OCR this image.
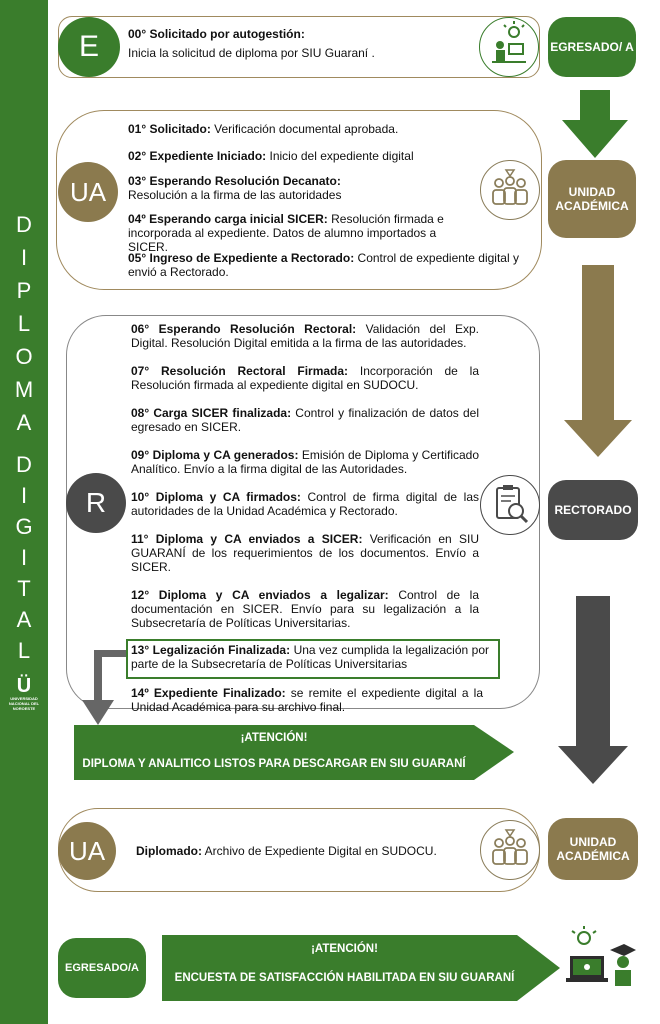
D
I
P
L
O
M
A
D
I
G
I
T
A
L
Ü
UNIVERSIDAD NACIONAL DEL NOROESTE
E 00° Solicitado por autogestión:
Inicia la solicitud de diploma por SIU Guaraní .	EGRESADO/ A
UA
01° Solicitado: Verificación documental aprobada.
02° Expediente Iniciado: Inicio del expediente digital
03° Esperando Resolución Decanato:
Resolución a la firma de las autoridades
04º Esperando carga inicial SICER: Resolución firmada e incorporada al expediente. Datos de alumno importados a SICER.
05° Ingreso de Expediente a Rectorado: Control de expediente digital y envió a Rectorado.
UNIDAD ACADÉMICA
R
06° Esperando Resolución Rectoral: Validación del Exp. Digital. Resolución Digital emitida a la firma de las autoridades.
07° Resolución Rectoral Firmada: Incorporación de la Resolución firmada al expediente digital en SUDOCU.
08° Carga SICER finalizada: Control y finalización de datos del egresado en SICER.
09° Diploma y CA generados: Emisión de Diploma y Certificado Analítico. Envío a la firma digital de las Autoridades.
10° Diploma y CA firmados: Control de firma digital de las autoridades de la Unidad Académica y Rectorado.
11° Diploma y CA enviados a SICER: Verificación en SIU GUARANÍ de los requerimientos de los documentos. Envío a SICER.
12° Diploma y CA enviados a legalizar: Control de la documentación en SICER. Envío para su legalización a la Subsecretaría de Políticas Universitarias.
13° Legalización Finalizada: Una vez cumplida la legalización por parte de la Subsecretaría de Políticas Universitarias
14º Expediente Finalizado: se remite el expediente digital a la Unidad Académica para su archivo final.
RECTORADO
¡ATENCIÓN!
DIPLOMA Y ANALITICO LISTOS PARA DESCARGAR EN SIU GUARANÍ
UA	Diplomado: Archivo de Expediente Digital en SUDOCU.
UNIDAD ACADÉMICA
EGRESADO/A
¡ATENCIÓN!
ENCUESTA DE SATISFACCIÓN HABILITADA EN SIU GUARANÍ
